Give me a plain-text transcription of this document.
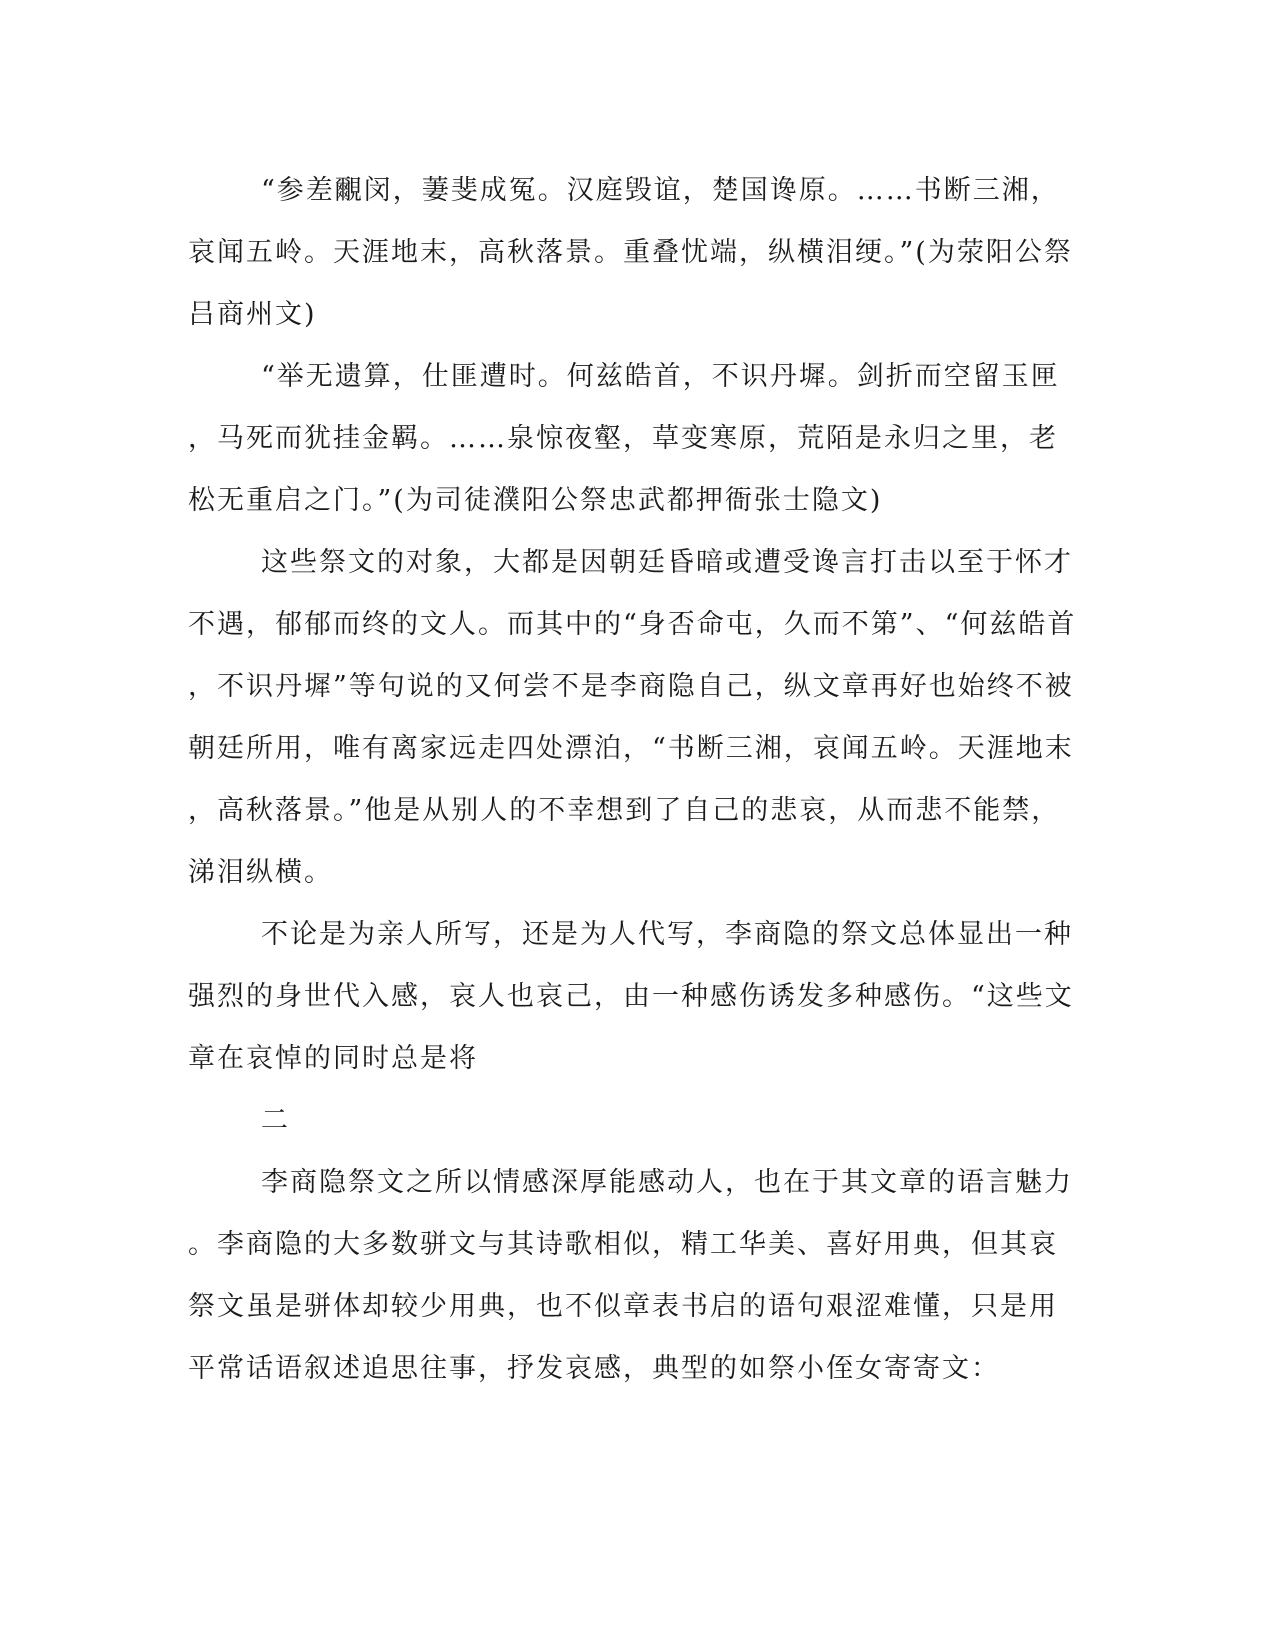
“参差覼闵，萋斐成冤。汉庭毁谊，楚国谗原。……书断三湘，
哀闻五岭。天涯地末，高秋落景。重叠忧端，纵横泪绠。”(为荥阳公祭
吕商州文)
“举无遗算，仕匪遭时。何兹皓首，不识丹墀。剑折而空留玉匣
，马死而犹挂金羁。……泉惊夜壑，草变寒原，荒陌是永归之里，老
松无重启之门。”(为司徒濮阳公祭忠武都押衙张士隐文)
这些祭文的对象，大都是因朝廷昏暗或遭受谗言打击以至于怀才
不遇，郁郁而终的文人。而其中的“身否命屯，久而不第”、“何兹皓首
，不识丹墀”等句说的又何尝不是李商隐自己，纵文章再好也始终不被
朝廷所用，唯有离家远走四处漂泊，“书断三湘，哀闻五岭。天涯地末
，高秋落景。”他是从别人的不幸想到了自己的悲哀，从而悲不能禁，
涕泪纵横。
不论是为亲人所写，还是为人代写，李商隐的祭文总体显出一种
强烈的身世代入感，哀人也哀己，由一种感伤诱发多种感伤。“这些文
章在哀悼的同时总是将
二
李商隐祭文之所以情感深厚能感动人，也在于其文章的语言魅力
。李商隐的大多数骈文与其诗歌相似，精工华美、喜好用典，但其哀
祭文虽是骈体却较少用典，也不似章表书启的语句艰涩难懂，只是用
平常话语叙述追思往事，抒发哀感，典型的如祭小侄女寄寄文：
